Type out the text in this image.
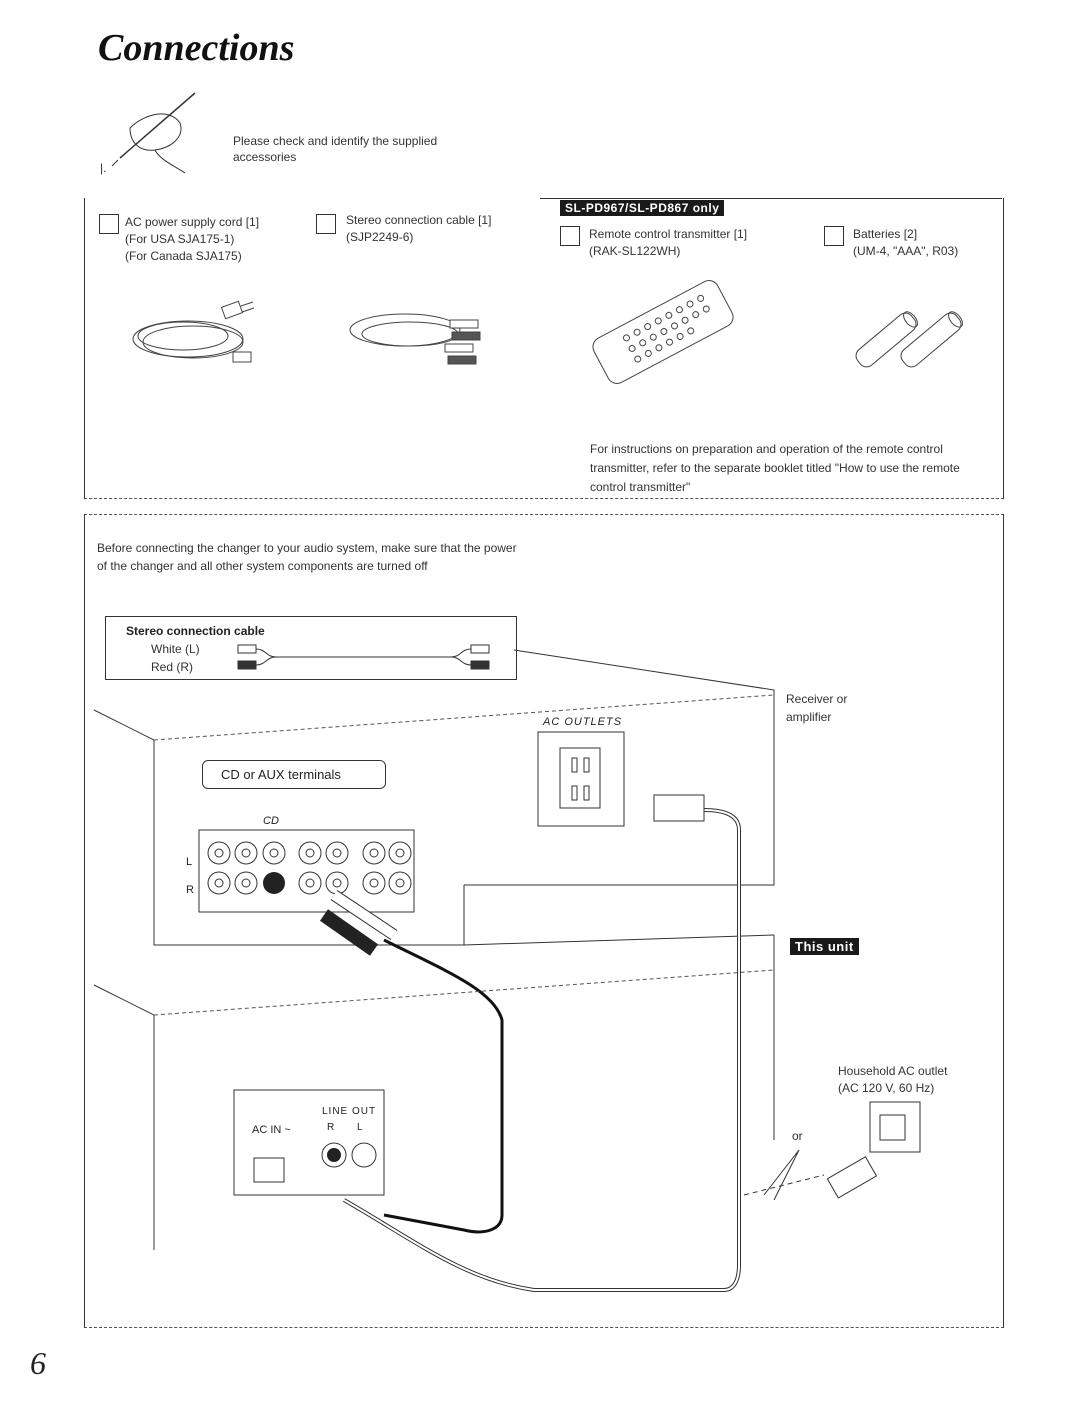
Connections
|.
Please check and identify the supplied accessories
AC power supply cord [1]
(For USA SJA175-1)
(For Canada SJA175)
Stereo connection cable [1]
(SJP2249-6)
SL-PD967/SL-PD867 only
Remote control transmitter [1]
(RAK-SL122WH)
Batteries [2]
(UM-4, "AAA", R03)
For instructions on preparation and operation of the remote control transmitter, refer to the separate booklet titled "How to use the remote control transmitter"
Before connecting the changer to your audio system, make sure that the power of the changer and all other system components are turned off
Stereo connection cable
White (L)
Red (R)
Receiver or amplifier
AC OUTLETS
CD or AUX terminals
CD
L
R
This unit
Household AC outlet
(AC 120 V, 60 Hz)
or
AC IN ~
LINE OUT
R L
6
